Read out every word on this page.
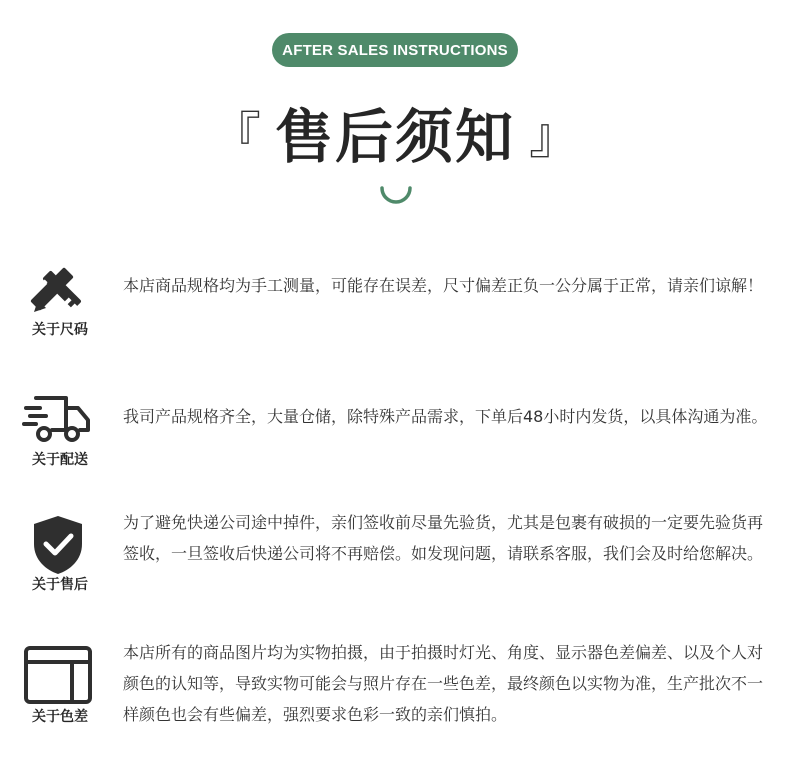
AFTER SALES INSTRUCTIONS
『 售后须知 』
关于尺码
本店商品规格均为手工测量，可能存在误差，尺寸偏差正负一公分属于正常，请亲们谅解！
关于配送
我司产品规格齐全，大量仓储，除特殊产品需求，下单后48小时内发货，以具体沟通为准。
关于售后
为了避免快递公司途中掉件，亲们签收前尽量先验货，尤其是包裹有破损的一定要先验货再签收，一旦签收后快递公司将不再赔偿。如发现问题，请联系客服，我们会及时给您解决。
关于色差
本店所有的商品图片均为实物拍摄，由于拍摄时灯光、角度、显示器色差偏差、以及个人对颜色的认知等，导致实物可能会与照片存在一些色差，最终颜色以实物为准，生产批次不一样颜色也会有些偏差，强烈要求色彩一致的亲们慎拍。
